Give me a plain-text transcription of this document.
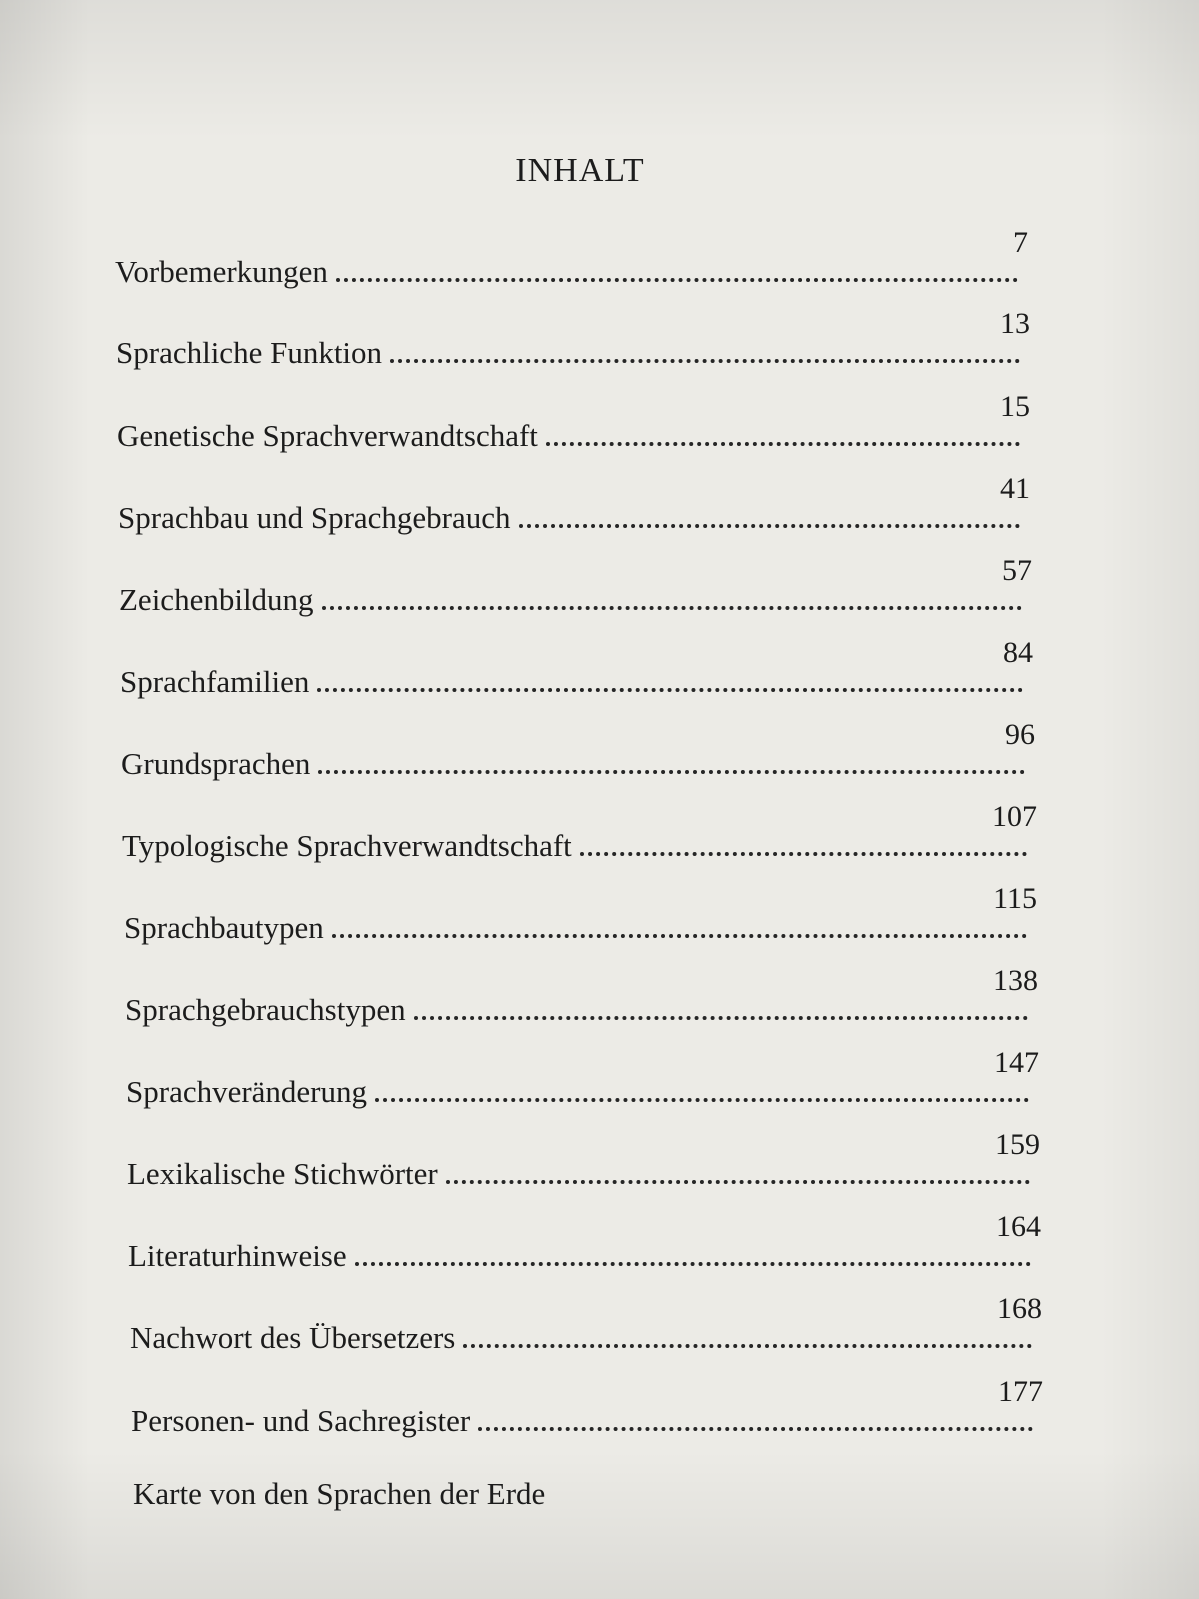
INHALT
Vorbemerkungen
7
Sprachliche Funktion
13
Genetische Sprachverwandtschaft
15
Sprachbau und Sprachgebrauch
41
Zeichenbildung
57
Sprachfamilien
84
Grundsprachen
96
Typologische Sprachverwandtschaft
107
Sprachbautypen
115
Sprachgebrauchstypen
138
Sprachveränderung
147
Lexikalische Stichwörter
159
Literaturhinweise
164
Nachwort des Übersetzers
168
Personen- und Sachregister
177
Karte von den Sprachen der Erde
